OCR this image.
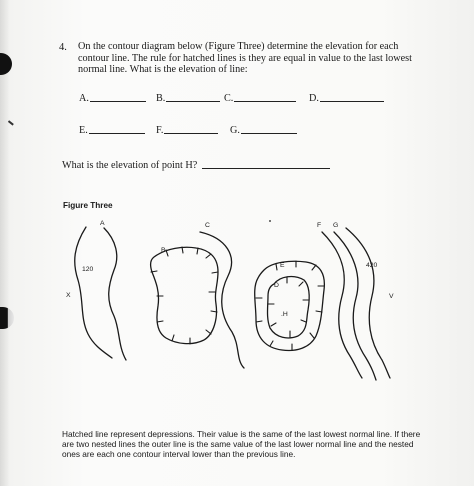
4. On the contour diagram below (Figure Three) determine the elevation for each contour line. The rule for hatched lines is they are equal in value to the last lowest normal line. What is the elevation of line:

A.	B.	C.	D.
E.	F.	G.
What is the elevation of point H?
Figure Three
A	C	F G
B
E	420
120
D
X	V
.H

Hatched line represent depressions. Their value is the same of the last lowest normal line. If there are two nested lines the outer line is the same value of the last lower normal line and the nested ones are each one contour interval lower than the previous line.
